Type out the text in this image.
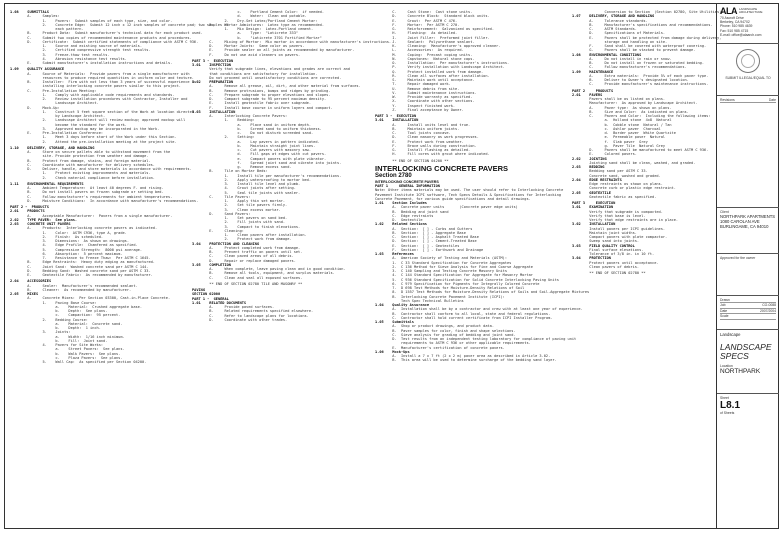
1.08    SUBMITTALS
A.     Samples:
1.    Pavers:  Submit samples of each type, size, and color.
2.    Concrete Edge:  Submit 12 inch x 12 inch samples of concrete pad; two samples of
each pattern.
B.     Product Data:  Submit manufacturer's technical data for each product used.
C.     Submit two copies of recommended maintenance products and procedures.
D.     Certificate:  Submit certified statements of compliance with ASTM C 936.
1.    Source and existing source of materials.
2.    Certified compressive strength test results.
3.    Freeze-thaw test results.
4.    Abrasion resistance test results.
E.     Submit manufacturer's installation instructions and details.
1.09    QUALITY ASSURANCE
A.     Source of Materials:  Provide pavers from a single manufacturer with
resources to produce required quantities in uniform color and texture.
B.     Installer:  Firm with not less than 3 years of successful experience in
installing interlocking concrete pavers similar to this project.
C.     Pre-Installation Meeting:
1.    Comply with applicable code requirements and standards.
2.    Review installation procedures with Contractor, Installer and
Landscape Architect.
D.     Mock-Up:
1.    Construct 5 feet square section of the Work at location directed
by Landscape Architect.
2.    Landscape Architect will review mockup; approved mockup will
become the standard for the work.
3.    Approved mockup may be incorporated in the Work.
E.     Pre-Installation Conference:
1.    Meet 3 days before start of the Work under this Section.
2.    Attend the pre-installation meeting at the project site.
1.10    DELIVERY, STORAGE, AND HANDLING
A.     Store on secure pallets able to withstand movement from the
site. Provide protection from weather and damage.
B.     Protect from damage, stains, and foreign material.
C.     Coordinate with manufacturer for delivery schedules.
D.     Deliver, handle, and store materials in accordance with requirements.
1.    Protect existing improvements and materials.
2.    Check material compliance before installation.
1.11    ENVIRONMENTAL REQUIREMENTS
A.     Ambient Temperature:  At least 40 degrees F. and rising.
B.     Do not install pavers on frozen subgrade or setting bed.
C.     Follow manufacturer's requirements for ambient temperatures.
D.     Moisture Conditions:  In accordance with manufacturer's recommendations.
PART 2 -  PRODUCTS
2.01    PRODUCTS
A.     Acceptable Manufacturer:  Pavers from a single manufacturer.
2.02    TYPE PAVER:  See plans.
2.03    CONCRETE UNIT PAVERS
A.     Products:  Interlocking concrete pavers as indicated.
1.    Color:  ASTM C936, type A, grade.
2.    Finish:  As scheduled.
3.    Dimensions:  As shown on drawings.
4.    Edge Profile:  Chamfered as specified.
5.    Compressive Strength:  8000 psi average.
6.    Absorption:  5 percent maximum.
7.    Resistance to Freeze Thaw:  Per ASTM C 1645.
B.     Edge Restraints:  Heavy duty edging as manufactured.
C.     Joint Sand:  Washed concrete sand per ASTM C 144.
D.     Bedding Sand:  Washed concrete sand per ASTM C 33.
E.     Geotextile Fabric:  As recommended by manufacturer.
2.04    ACCESSORIES
A.     Sealer:  Manufacturer's recommended sealant.
B.     Cleaner:  As recommended by manufacturer.
2.05    MIXES
A.     Concrete Mixes:  Per Section 03300, Cast-in-Place Concrete.
1.    Paving Base Course:
a.    Material:  Crushed aggregate base.
b.    Depth:  See plans.
c.    Compaction:  95 percent.
2.    Bedding Course:
a.    Material:  Concrete sand.
b.    Depth:  1 inch.
3.    Joints:
a.    Width:  1/16 inch minimum.
b.    Fill:  Joint sand.
4.    Pavers for Site Works:
a.    Street Pavers:  See plans.
b.    Walk Pavers:  See plans.
c.    Plaza Pavers:  See plans.
5.    Wall Cap:  As specified per Section 04200.
c.    Portland Cement Color:  if needed.
d.    Water:  Clean and potable.
2.    Dry-Set Latex/Portland Cement Mortar:
B.     Mortar Admixtures:  Latex type as recommended.
1.    Mix Design:  Latex-Portland cement.
a.    Type:  "Laticrete 333"
b.    "Laticrete 3701 Fortified Mortar"
C.     Mixing of Mortar:  Mix mortar in accordance with manufacturer's instructions.
D.     Mortar Joints:  Same color as pavers.
E.     Provide sealer on all joints as recommended by manufacturer.
F.     Do not use acid cleaners on pavers.
PART 3 -  EXECUTION
3.01    INSPECTION
Verify that subgrade lines, elevations and grades are correct and
that conditions are satisfactory for installation.
Do not proceed until unsatisfactory conditions are corrected.
3.02    PREPARATION
A.     Remove all grease, oil, dirt, and other material from surfaces.
B.     Remove protrusions, bumps and ridges by grinding.
C.     Prepare subgrade to proper elevations and slopes.
D.     Compact subgrade to 95 percent maximum density.
E.     Install geotextile fabric over subgrade.
F.     Install base course in uniform layers and compact.
3.03    INSTALLATION
A.     Interlocking Concrete Pavers:
1.    Bedding:
a.    Place sand in uniform depth.
b.    Screed sand to uniform thickness.
c.    Do not disturb screeded sand.
2.    Setting:
a.    Lay pavers in pattern indicated.
b.    Maintain straight joint lines.
c.    Cut pavers with masonry saw.
d.    Fill gaps at edges with cut pavers.
e.    Compact pavers with plate vibrator.
f.    Spread joint sand and vibrate into joints.
g.    Remove excess sand.
B.     Tile on Mortar Beds:
1.    Install tile per manufacturer's recommendations.
2.    Apply waterproofing to mortar bed.
3.    Install tile level and plumb.
4.    Grout joints after setting.
5.    Seal tile joints with sealer.
C.     Tile Pavers:
1.    Apply thin set mortar.
2.    Set tile pavers firmly.
3.    Clean excess mortar.
D.     Sand Pavers:
1.    Set pavers on sand bed.
2.    Fill joints with sand.
3.    Compact to finish elevations.
E.     Cleaning:
1.    Clean pavers after installation.
2.    Protect work from damage.
3.04    PROTECTION AND CLEANING
A.     Protect completed work from damage.
B.     Prevent traffic on pavers until set.
C.     Clean paved areas of all debris.
D.     Repair or replace damaged pavers.
3.05    COMPLETION
A.     When complete, leave paving clean and in good condition.
B.     Remove all tools, equipment, and surplus materials.
C.     Clean and seal all exposed surfaces.
** END OF SECTION 02780 TILE AND MASONRY **
PAVING
SECTION 02000
PART 1 -  GENERAL
1.01    RELATED DOCUMENTS
A.     Provide paved surfaces.
B.     Related requirements specified elsewhere.
C.     Refer to landscape plans for locations.
D.     Coordinate with other trades.
C.     Cast Stone:  Cast stone units.
D.     Concrete Block:  Standard block units.
E.     Grout:  Per ASTM C 476.
F.     Mortar:  Per ASTM C 270.
G.     Reinforcement:  Galvanized as specified.
H.     Flashing:  As detailed.
I.     Joint Filler:  Preformed joint filler.
J.     Sealant:  Polyurethane sealant.
K.     Cleaning:  Manufacturer's approved cleaner.
L.     Accessories:  As required.
M.     Coping:  Precast coping units.
N.     Capstones:  Natural stone caps.
O.     Installation:  Per manufacturer's instructions.
P.     Verify installation with Landscape Architect.
Q.     Protect installed work from damage.
R.     Clean all surfaces after installation.
S.     Maintain work until acceptance.
T.     Repair damaged work.
U.     Remove debris from site.
V.     Submit maintenance instructions.
W.     Provide warranty as specified.
X.     Coordinate with other sections.
Y.     Inspect finished work.
Z.     Final acceptance by Owner.
PART 3 -  EXECUTION
3.01    INSTALLATION
A.     Install units level and true.
B.     Maintain uniform joints.
C.     Tool joints concave.
D.     Clean masonry as work progresses.
E.     Protect work from weather.
F.     Brace walls during construction.
G.     Install flashing as detailed.
H.     Fill cores with grout where indicated.
** END OF SECTION 04200 **
INTERLOCKING CONCRETE PAVERS
Section 2780
INTERLOCKING CONCRETE PAVERS
PART 1     GENERAL INFORMATION
Note: Other items materials may be used. The user should refer to Interlocking Concrete
Pavement Institute ICPI software, Tech Specs Details & Specifications for Interlocking
Concrete Pavement, for various guide specifications and detail drawings.
1.01    Section Includes
A.  Concrete paver units       (Concrete paver edge units)
B.  Bedding and joint sand
C.  Edge restraints
D.  Geotextile
1.02    Related Sections
A.  Section:  [ ] - Curbs and Gutters
B.  Section:  [ ] - Aggregate Base
C.  Section:  [ ] - Asphalt Treated Base
D.  Section:  [ ] - Cement-Treated Base
E.  Section:  [ ] - Geotextiles
F.  Section:  [ ] - Earthwork and Drainage
1.03    References
A.  American Society of Testing and Materials (ASTM):
1.  C 33 Standard Specification for Concrete Aggregates
2.  C 136 Method for Sieve Analysis for Fine and Coarse Aggregate
3.  C 140 Sampling and Testing Concrete Masonry Units
4.  C 144 Standard Specification for Aggregate for Masonry Mortar
5.  C 936 Standard Specification for Solid Concrete Interlocking Paving Units
6.  C 979 Specification for Pigments for Integrally Colored Concrete
7.  D 698 Test Methods for Moisture-Density Relations of Soil
8.  D 1557 Test Methods for Moisture-Density Relations of Soils and Soil-Aggregate Mixtures
B.  Interlocking Concrete Pavement Institute (ICPI):
Tech Spec Technical Bulletins
1.04    Quality Assurance
A.  Installation shall be by a contractor and crew with at least one year of experience.
B.  Contractor shall conform to all local, state and federal regulations.
C.  Contractor shall hold current certificate from ICPI Installer Program.
1.05    Submittals
A.  Shop or product drawings, and product data.
B.  Paver samples for color, finish and shape selections.
C.  Sieve analysis for grading of bedding and joint sand.
D.  Test results from an independent testing laboratory for compliance of paving unit
requirements to ASTM C 936 or other applicable requirements.
E.  Manufacturer's certification of concrete pavers.
1.06    Mock-Ups
A.  Install a 7 x 7 ft (2 x 2 m) paver area as described in Article 3.02.
B.  This area will be used to determine surcharge of the bedding sand layer.
Conversion to Section  (Section 02780, Site Utilities).
1.07    DELIVERY, STORAGE AND HANDLING
A.     Tolerance standards.
B.     Manufacturer's specifications and recommendations.
C.     ASTM Standards.
D.     Specifications of Materials.
E.     Pavers shall be protected from damage during delivery,
storage and handling on site.
F.     Sand shall be covered with waterproof covering.
G.     Pavers shall be stacked to prevent damage.
1.08    ENVIRONMENTAL CONDITIONS
A.     Do not install in rain or snow.
B.     Do not install on frozen or saturated bedding.
C.     Follow manufacturer's recommendations.
1.09    MAINTENANCE
A.     Extra materials:  Provide 5% of each paver type.
B.     Deliver to Owner's designated location.
C.     Provide manufacturer's maintenance instructions.
PART 2     PRODUCTS
2.01    PAVERS
Pavers shall be as listed on plans.
Manufacturer:  As approved by Landscape Architect.
A.     Paver type:  As shown on plans.
B.     Size and Color:  As indicated on plans.
C.     Pavers and Color:  Including the following items:
a.  Holland stone  4x8  Natural
b.  Cobble stone  Natural / Tan
c.  Ashlar paver  Charcoal
d.  Border paver  White Quartzite
e.  Permeable paver  Natural
f.  Slab paver  Grey
g.  Paver Tile  Natural Grey
D.     Pavers shall be manufactured to meet ASTM C 936.
E.     Colored pavers.
2.02    JOINTING
Jointing sand shall be clean, washed, and graded.
2.03    BEDDING
Bedding sand per ASTM C 33.
Concrete sand, washed and graded.
2.04    EDGE RESTRAINTS
Edge restraints as shown on plans.
Concrete curb or plastic edge restraint.
2.05    GEOTEXTILE
Geotextile fabric as specified.
PART 3     EXECUTION
3.01    EXAMINATION
Verify that subgrade is compacted.
Verify that base is level.
Verify that edge restraints are in place.
3.02    INSTALLATION
Install pavers per ICPI guidelines.
Maintain joint widths.
Compact pavers with plate compactor.
Sweep sand into joints.
3.03    FIELD QUALITY CONTROL
Final surface elevations.
Tolerance of 3/8 in. in 10 ft.
3.04    PROTECTION
Protect pavers until acceptance.
Clean pavers of debris.
** END OF SECTION 02780 **
ALA LANDSCAPE ARCHITECTURE
70 Ascroft Drive
Berkeley, CA 94702
Phone: 510 985 4639
Fax: 510 985 4715
E-mail: office@alaarch.com
SUBMIT ILLEGAL/EQUAL TO
Revisions	Date
Client
NORTHPARK APARTMENTS
1080 CAROLAN AVE
BURLINGAME, CA 94010
Approved for the owner
Drawn
Job	CO-0088
Date	2007/2004
Scale
Landscape
LANDSCAPE SPECS
Location
NORTHPARK
Sheet
L8.1
of Sheets
